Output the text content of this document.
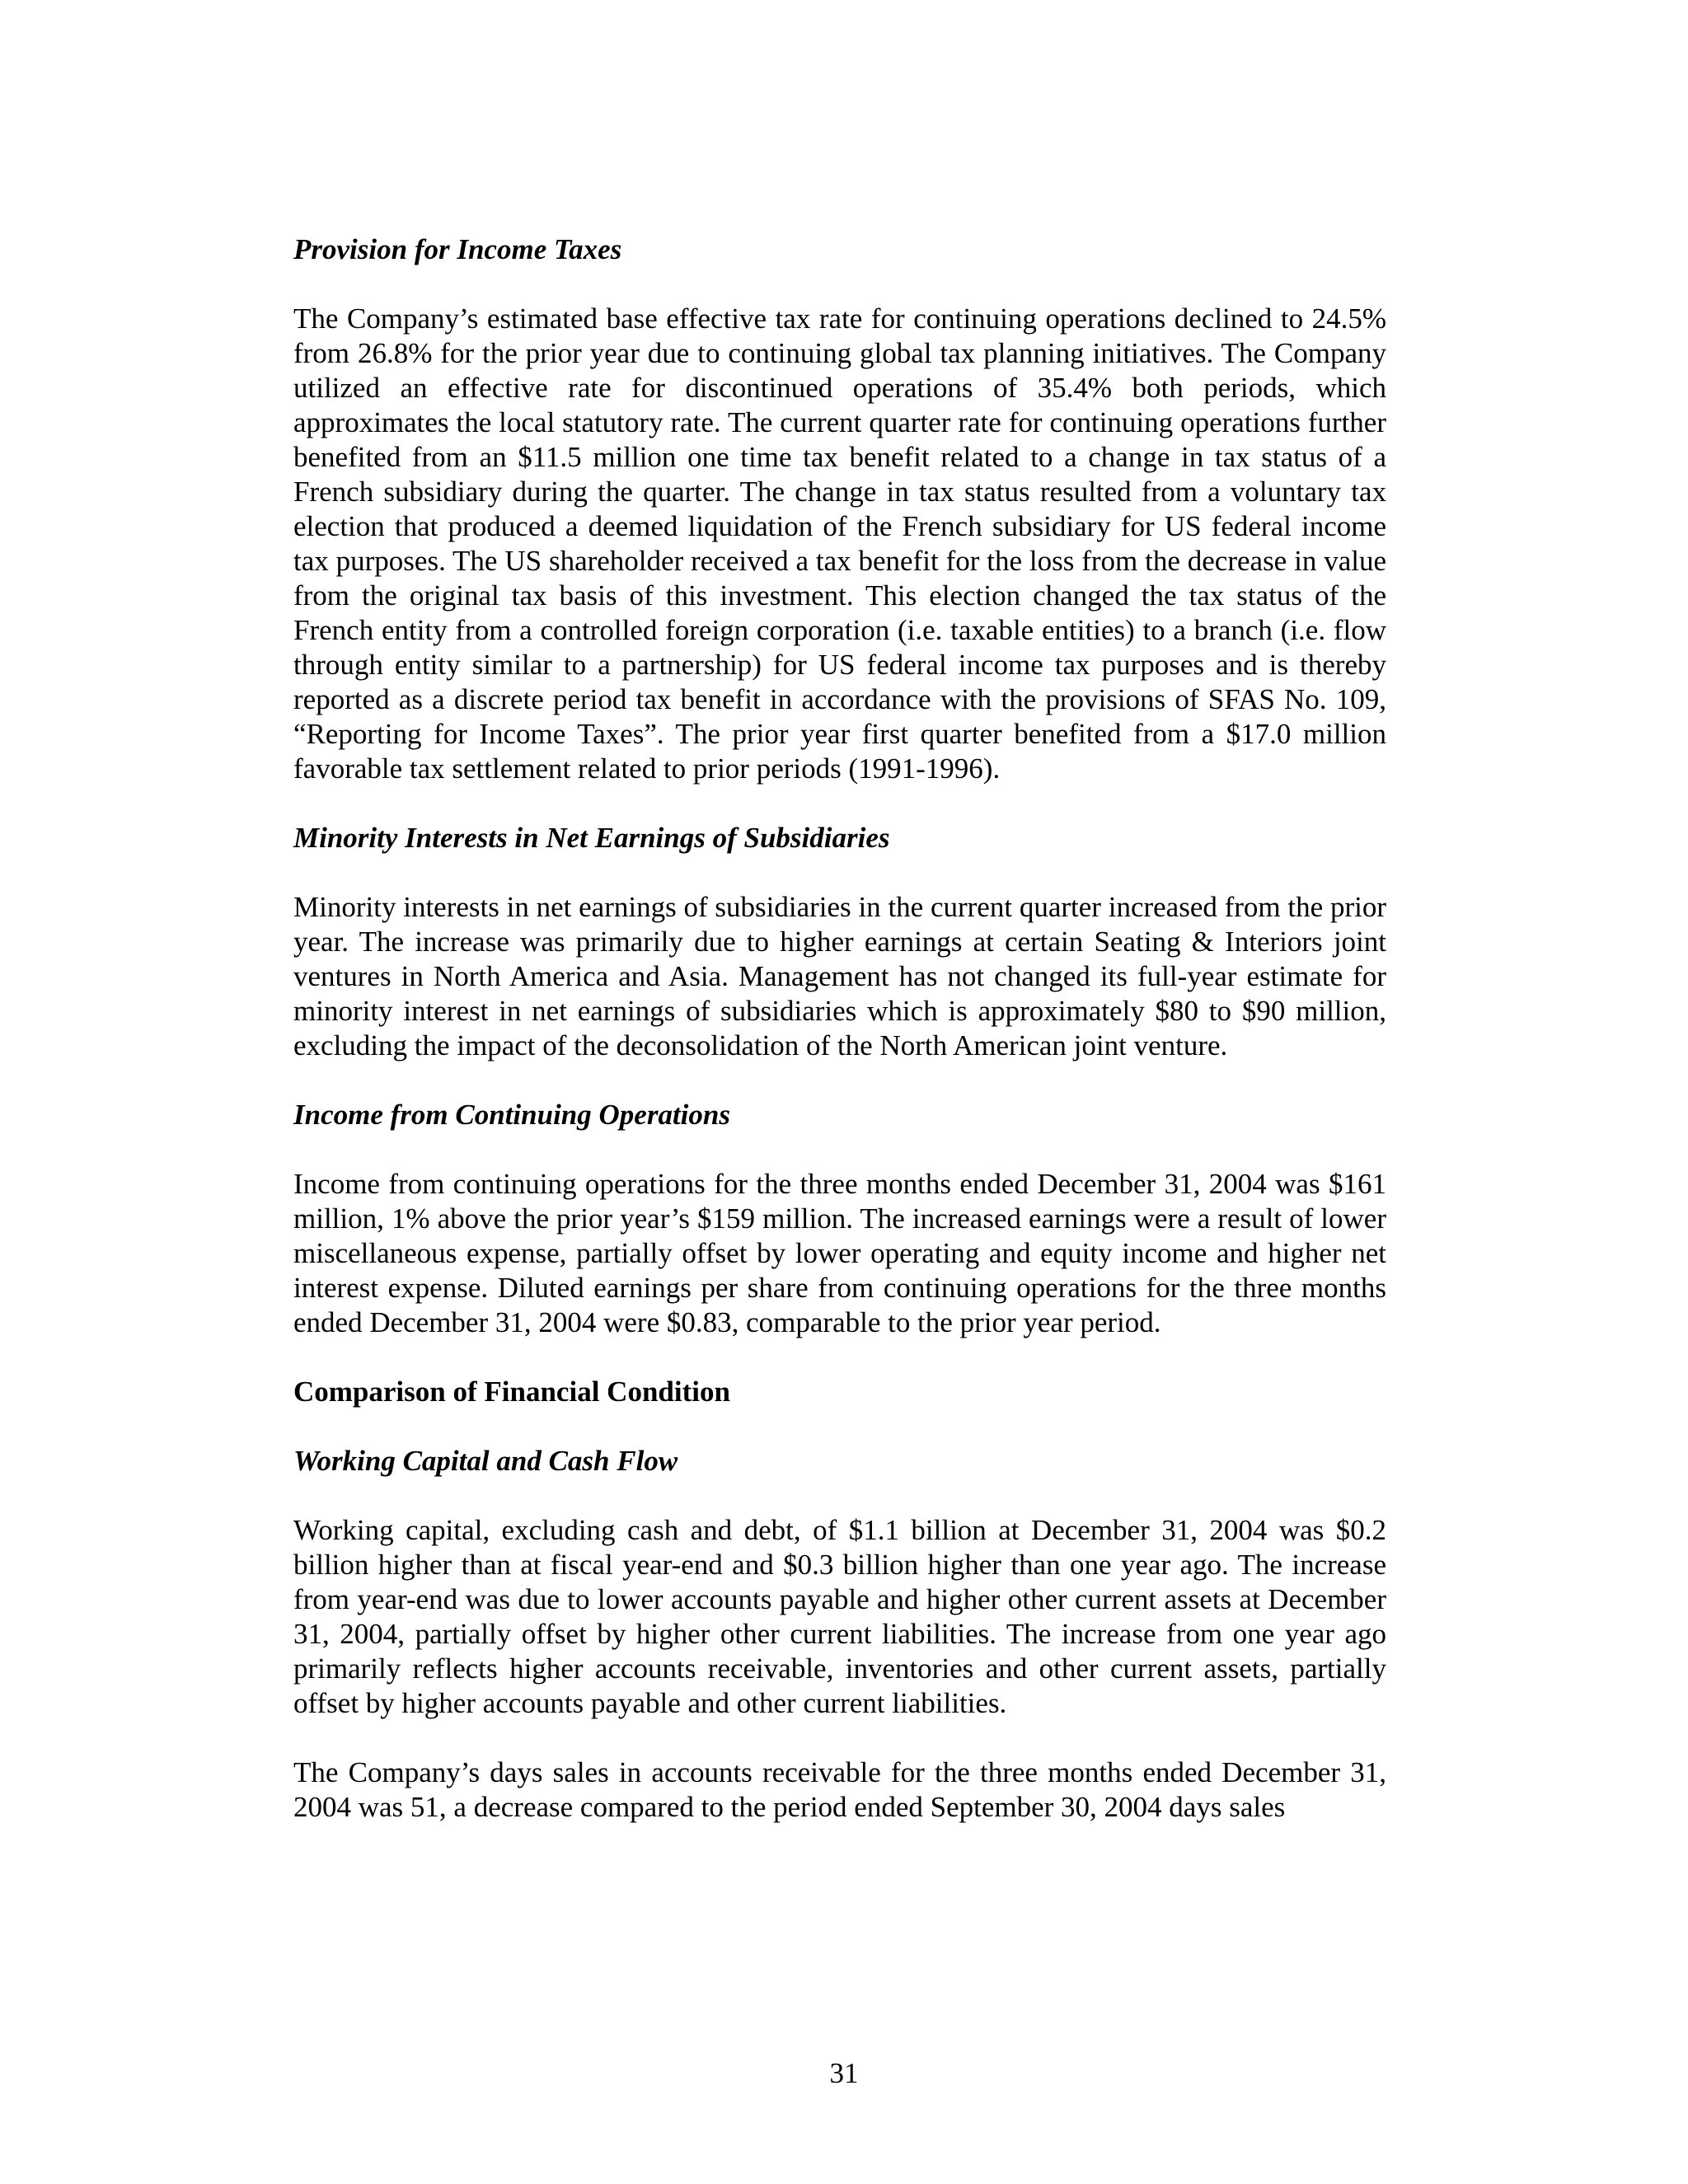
Provision for Income Taxes

The Company’s estimated base effective tax rate for continuing operations declined to 24.5% from 26.8% for the prior year due to continuing global tax planning initiatives. The Company utilized an effective rate for discontinued operations of 35.4% both periods, which approximates the local statutory rate. The current quarter rate for continuing operations further benefited from an $11.5 million one time tax benefit related to a change in tax status of a French subsidiary during the quarter. The change in tax status resulted from a voluntary tax election that produced a deemed liquidation of the French subsidiary for US federal income tax purposes. The US shareholder received a tax benefit for the loss from the decrease in value from the original tax basis of this investment. This election changed the tax status of the French entity from a controlled foreign corporation (i.e. taxable entities) to a branch (i.e. flow through entity similar to a partnership) for US federal income tax purposes and is thereby reported as a discrete period tax benefit in accordance with the provisions of SFAS No. 109, “Reporting for Income Taxes”. The prior year first quarter benefited from a $17.0 million favorable tax settlement related to prior periods (1991-1996).

Minority Interests in Net Earnings of Subsidiaries

Minority interests in net earnings of subsidiaries in the current quarter increased from the prior year. The increase was primarily due to higher earnings at certain Seating & Interiors joint ventures in North America and Asia. Management has not changed its full-year estimate for minority interest in net earnings of subsidiaries which is approximately $80 to $90 million, excluding the impact of the deconsolidation of the North American joint venture.

Income from Continuing Operations

Income from continuing operations for the three months ended December 31, 2004 was $161 million, 1% above the prior year’s $159 million. The increased earnings were a result of lower miscellaneous expense, partially offset by lower operating and equity income and higher net interest expense. Diluted earnings per share from continuing operations for the three months ended December 31, 2004 were $0.83, comparable to the prior year period.

Comparison of Financial Condition

Working Capital and Cash Flow

Working capital, excluding cash and debt, of $1.1 billion at December 31, 2004 was $0.2 billion higher than at fiscal year-end and $0.3 billion higher than one year ago. The increase from year-end was due to lower accounts payable and higher other current assets at December 31, 2004, partially offset by higher other current liabilities. The increase from one year ago primarily reflects higher accounts receivable, inventories and other current assets, partially offset by higher accounts payable and other current liabilities.

The Company’s days sales in accounts receivable for the three months ended December 31, 2004 was 51, a decrease compared to the period ended September 30, 2004 days sales

31
